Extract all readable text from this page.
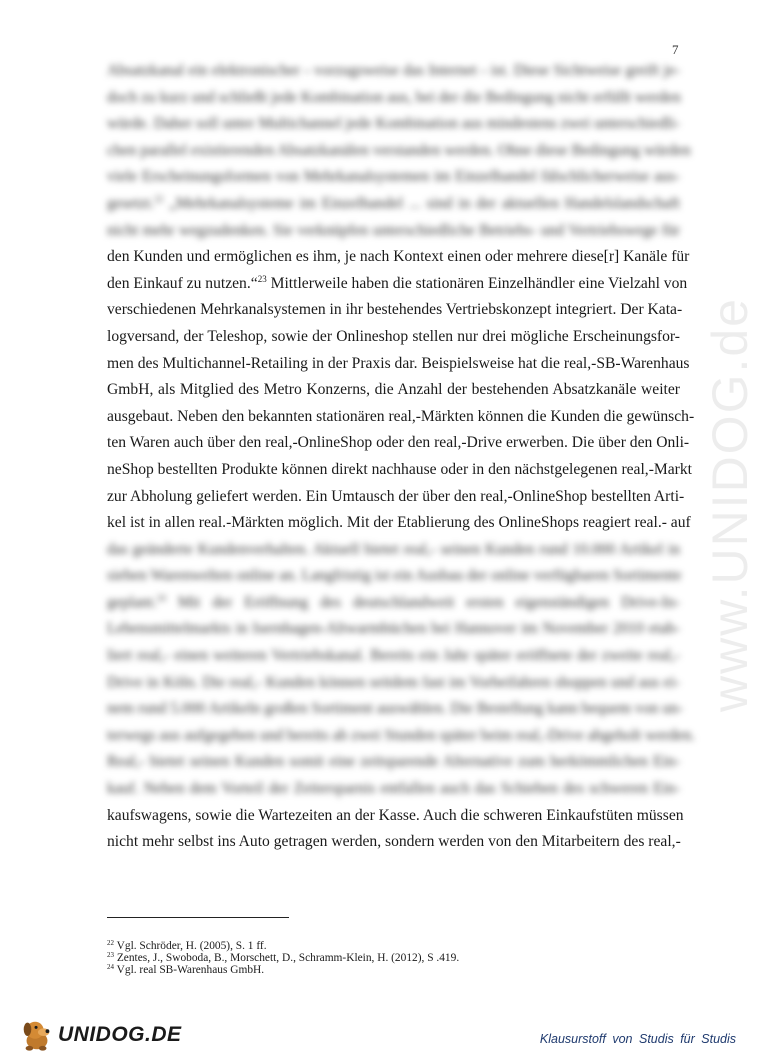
7
www.UNIDOG.de
Absatzkanal ein elektronischer - vorzugsweise das Internet - ist. Diese Sichtweise greift je-
doch zu kurz und schließt jede Kombination aus, bei der die Bedingung nicht erfüllt werden
würde. Daher soll unter Multichannel jede Kombination aus mindestens zwei unterschiedli-
chen parallel existierenden Absatzkanälen verstanden werden. Ohne diese Bedingung würden
viele Erscheinungsformen von Mehrkanalsystemen im Einzelhandel fälschlicherweise aus-
gesetzt.$^{22}$ „Mehrkanalsysteme im Einzelhandel ... sind in der aktuellen Handelslandschaft
nicht mehr wegzudenken. Sie verknüpfen unterschiedliche Betriebs- und Vertriebswege für
den Kunden und ermöglichen es ihm, je nach Kontext einen oder mehrere diese[r] Kanäle für
den Einkauf zu nutzen.“$^{23}$ Mittlerweile haben die stationären Einzelhändler eine Vielzahl von
verschiedenen Mehrkanalsystemen in ihr bestehendes Vertriebskonzept integriert. Der Kata-
logversand, der Teleshop, sowie der Onlineshop stellen nur drei mögliche Erscheinungsfor-
men des Multichannel-Retailing in der Praxis dar. Beispielsweise hat die real,-SB-Warenhaus
GmbH, als Mitglied des Metro Konzerns, die Anzahl der bestehenden Absatzkanäle weiter
ausgebaut. Neben den bekannten stationären real,-Märkten können die Kunden die gewünsch-
ten Waren auch über den real,-OnlineShop oder den real,-Drive erwerben. Die über den Onli-
neShop bestellten Produkte können direkt nachhause oder in den nächstgelegenen real,-Markt
zur Abholung geliefert werden. Ein Umtausch der über den real,-OnlineShop bestellten Arti-
kel ist in allen real.-Märkten möglich. Mit der Etablierung des OnlineShops reagiert real.- auf
das geänderte Kundenverhalten. Aktuell bietet real,- seinen Kunden rund 10.000 Artikel in
sieben Warenwelten online an. Langfristig ist ein Ausbau der online verfügbaren Sortimente
geplant.$^{24}$ Mit der Eröffnung des deutschlandweit ersten eigenständigen Drive-In-
Lebensmittelmarkts in Isernhagen-Altwarmbüchen bei Hannover im November 2010 etab-
liert real,- einen weiteren Vertriebskanal. Bereits ein Jahr später eröffnete der zweite real,-
Drive in Köln. Die real,- Kunden können seitdem fast im Vorbeifahren shoppen und aus ei-
nem rund 5.000 Artikeln großen Sortiment auswählen. Die Bestellung kann bequem von un-
terwegs aus aufgegeben und bereits ab zwei Stunden später beim real,-Drive abgeholt werden.
Real,- bietet seinen Kunden somit eine zeitsparende Alternative zum herkömmlichen Ein-
kauf. Neben dem Vorteil der Zeitersparnis entfallen auch das Schieben des schweren Ein-
kaufswagens, sowie die Wartezeiten an der Kasse. Auch die schweren Einkaufstüten müssen
nicht mehr selbst ins Auto getragen werden, sondern werden von den Mitarbeitern des real,-
$^{22}$ Vgl. Schröder, H. (2005), S. 1 ff.
$^{23}$ Zentes, J., Swoboda, B., Morschett, D., Schramm-Klein, H. (2012), S .419.
$^{24}$ Vgl. real SB-Warenhaus GmbH.
UNIDOG.DE	Klausurstoff von Studis für Studis
